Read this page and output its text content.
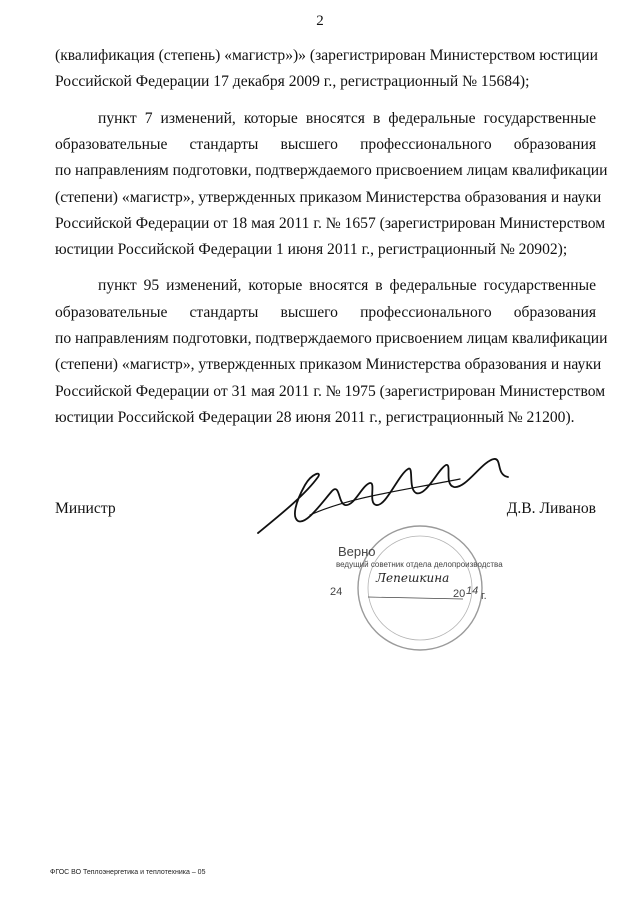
2
(квалификация (степень) «магистр»)» (зарегистрирован Министерством юстиции
Российской Федерации 17 декабря 2009 г., регистрационный № 15684);
пункт 7 изменений, которые вносятся в федеральные государственные
образовательные стандарты высшего профессионального образования
по направлениям подготовки, подтверждаемого присвоением лицам квалификации
(степени) «магистр», утвержденных приказом Министерства образования и науки
Российской Федерации от 18 мая 2011 г. № 1657 (зарегистрирован Министерством
юстиции Российской Федерации 1 июня 2011 г., регистрационный № 20902);
пункт 95 изменений, которые вносятся в федеральные государственные
образовательные стандарты высшего профессионального образования
по направлениям подготовки, подтверждаемого присвоением лицам квалификации
(степени) «магистр», утвержденных приказом Министерства образования и науки
Российской Федерации от 31 мая 2011 г. № 1975 (зарегистрирован Министерством
юстиции Российской Федерации 28 июня 2011 г., регистрационный № 21200).
Министр	Д.В. Ливанов
Верно
ведущий советник отдела делопроизводства
Лепешкина
24	20 14 г.
ФГОС ВО Теплоэнергетика и теплотехника – 05
